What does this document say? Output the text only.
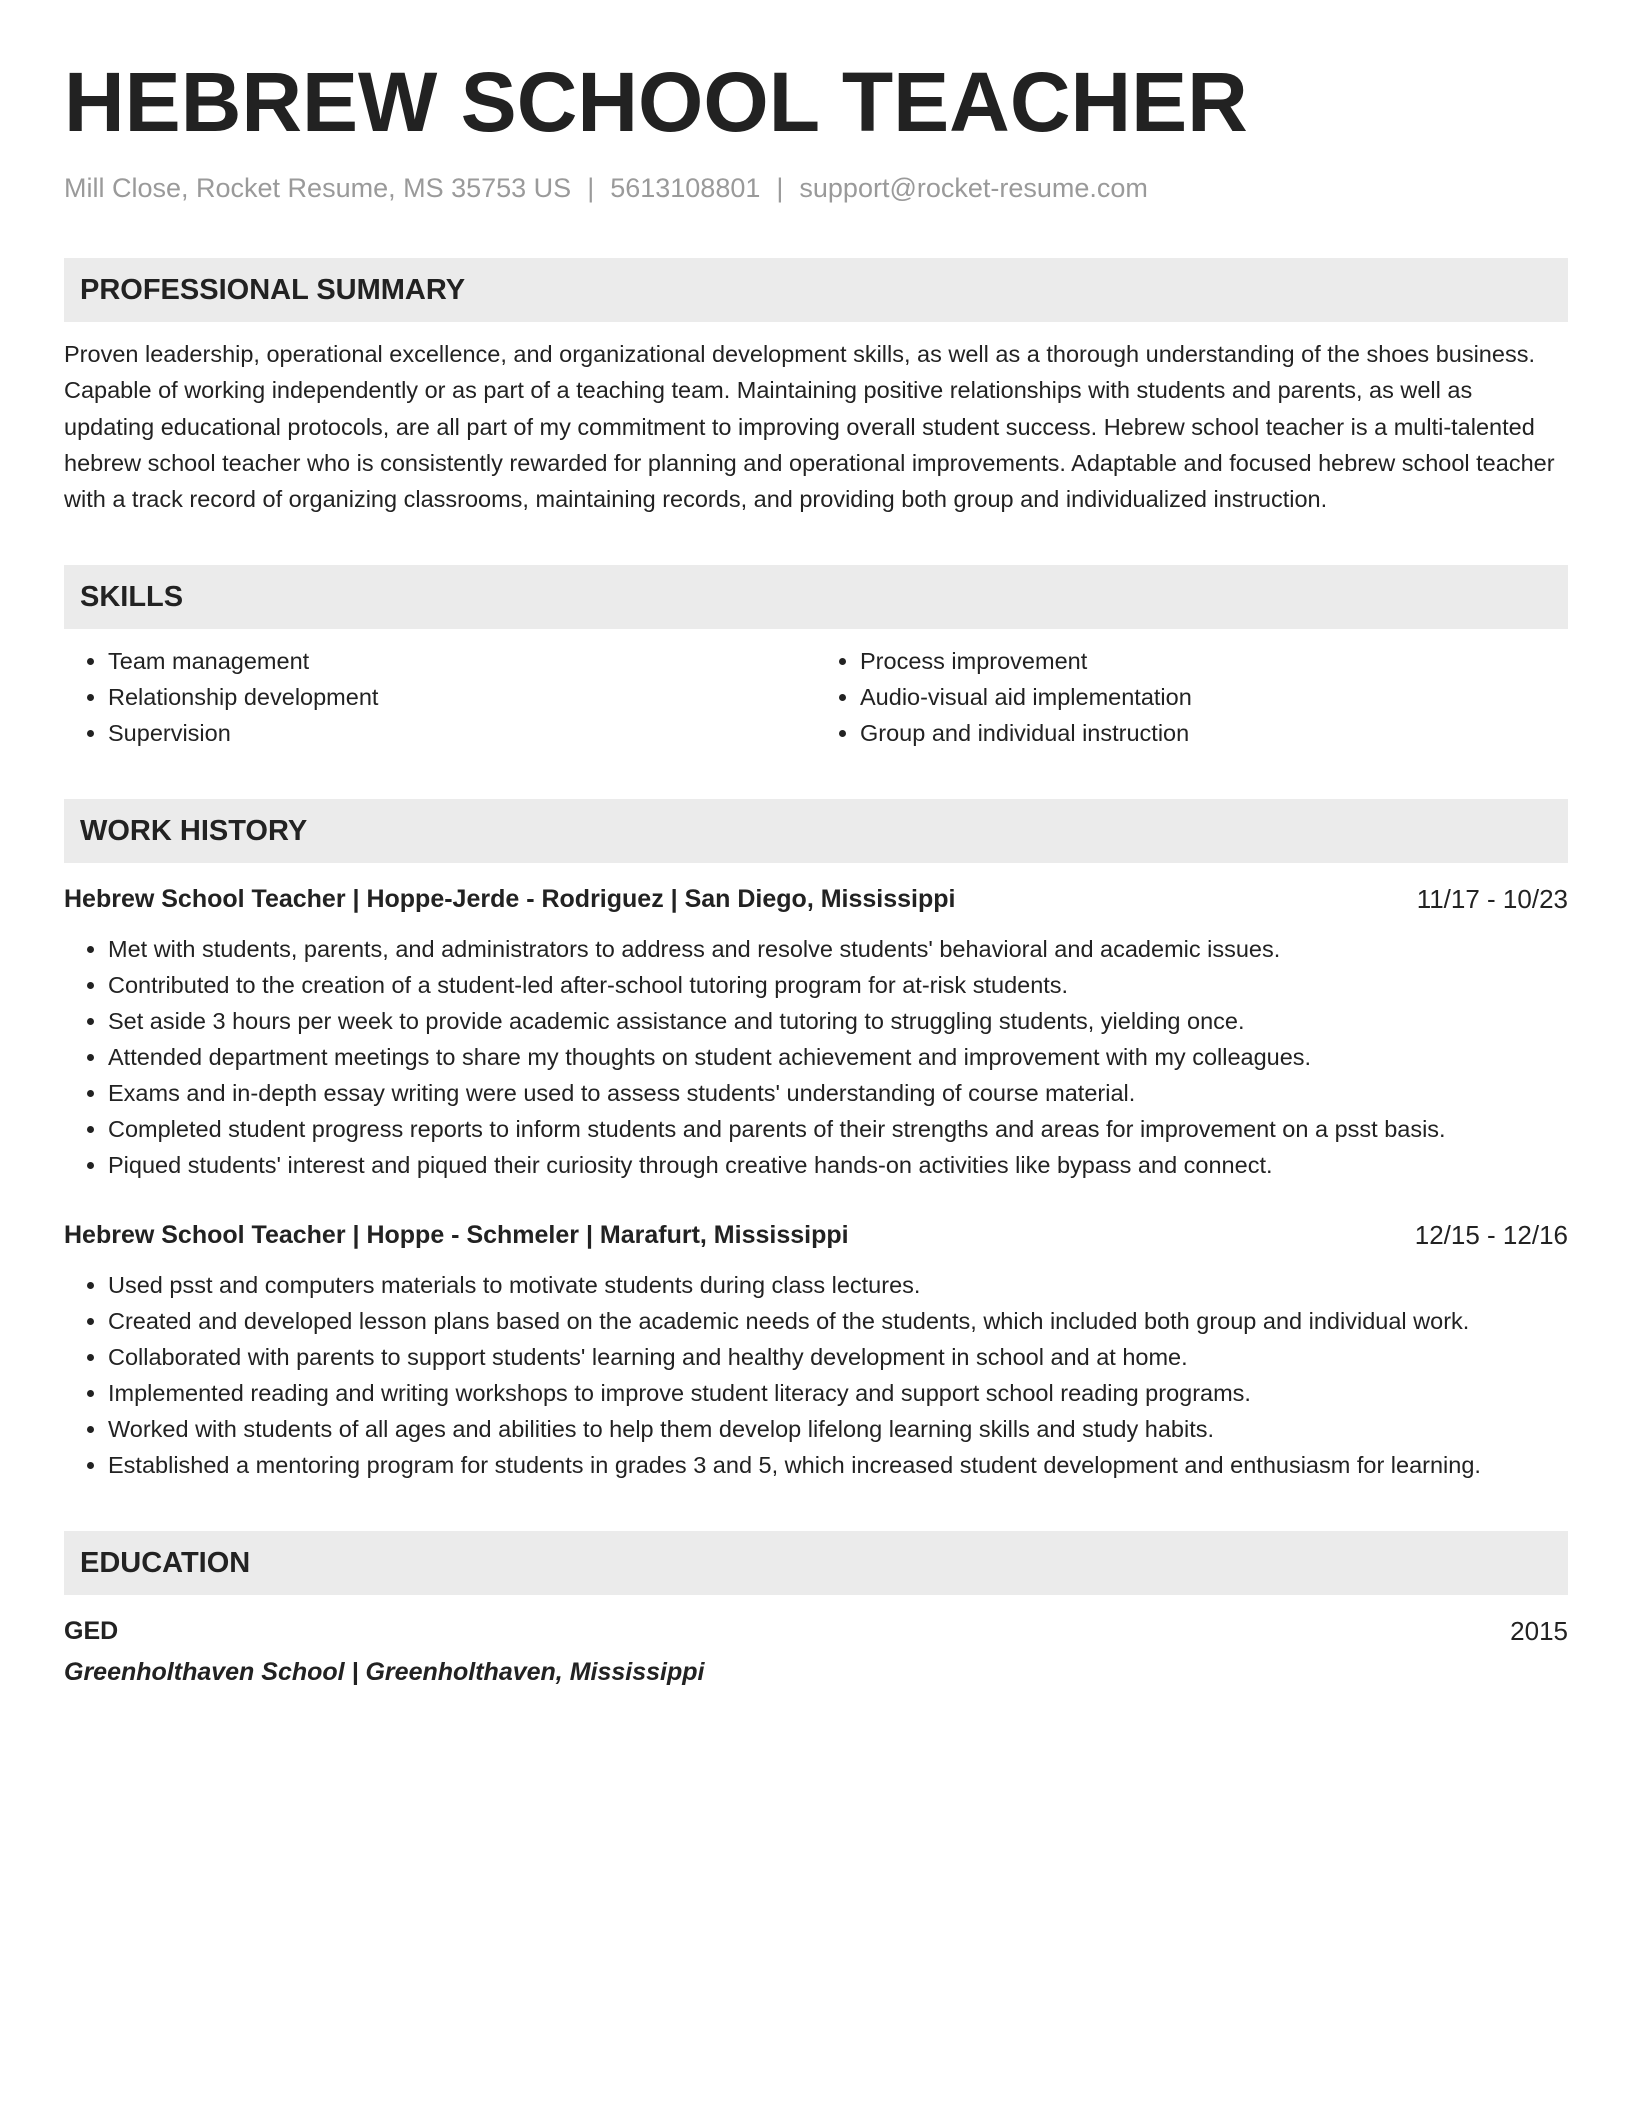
HEBREW SCHOOL TEACHER
Mill Close, Rocket Resume, MS 35753 US | 5613108801 | support@rocket-resume.com
PROFESSIONAL SUMMARY
Proven leadership, operational excellence, and organizational development skills, as well as a thorough understanding of the shoes business. Capable of working independently or as part of a teaching team. Maintaining positive relationships with students and parents, as well as updating educational protocols, are all part of my commitment to improving overall student success. Hebrew school teacher is a multi-talented hebrew school teacher who is consistently rewarded for planning and operational improvements. Adaptable and focused hebrew school teacher with a track record of organizing classrooms, maintaining records, and providing both group and individualized instruction.
SKILLS
• Team management
• Relationship development
• Supervision
• Process improvement
• Audio-visual aid implementation
• Group and individual instruction
WORK HISTORY
Hebrew School Teacher | Hoppe-Jerde - Rodriguez | San Diego, Mississippi	11/17 - 10/23
• Met with students, parents, and administrators to address and resolve students' behavioral and academic issues.
• Contributed to the creation of a student-led after-school tutoring program for at-risk students.
• Set aside 3 hours per week to provide academic assistance and tutoring to struggling students, yielding once.
• Attended department meetings to share my thoughts on student achievement and improvement with my colleagues.
• Exams and in-depth essay writing were used to assess students' understanding of course material.
• Completed student progress reports to inform students and parents of their strengths and areas for improvement on a psst basis.
• Piqued students' interest and piqued their curiosity through creative hands-on activities like bypass and connect.
Hebrew School Teacher | Hoppe - Schmeler | Marafurt, Mississippi	12/15 - 12/16
• Used psst and computers materials to motivate students during class lectures.
• Created and developed lesson plans based on the academic needs of the students, which included both group and individual work.
• Collaborated with parents to support students' learning and healthy development in school and at home.
• Implemented reading and writing workshops to improve student literacy and support school reading programs.
• Worked with students of all ages and abilities to help them develop lifelong learning skills and study habits.
• Established a mentoring program for students in grades 3 and 5, which increased student development and enthusiasm for learning.
EDUCATION
GED	2015
Greenholthaven School | Greenholthaven, Mississippi
